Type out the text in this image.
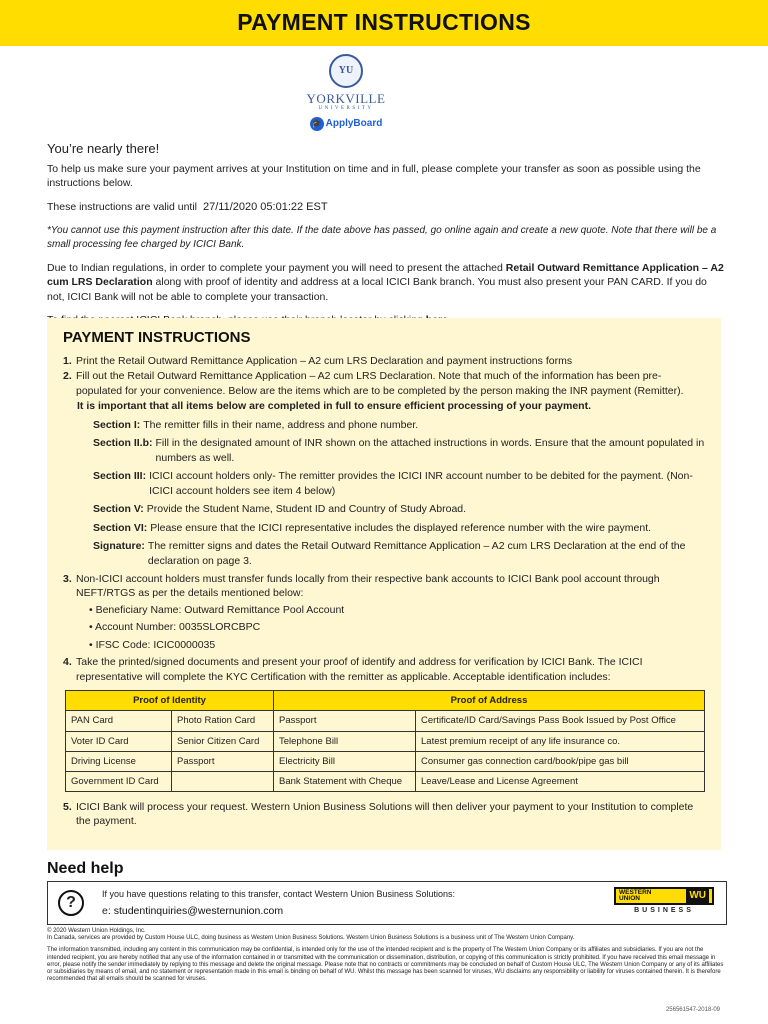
PAYMENT INSTRUCTIONS
YU
YORKVILLE
UNIVERSITY
🎓 ApplyBoard
You’re nearly there!

To help us make sure your payment arrives at your Institution on time and in full, please complete your transfer as soon as possible using the instructions below.

These instructions are valid until 27/11/2020 05:01:22 EST

*You cannot use this payment instruction after this date. If the date above has passed, go online again and create a new quote. Note that there will be a small processing fee charged by ICICI Bank.

Due to Indian regulations, in order to complete your payment you will need to present the attached Retail Outward Remittance Application – A2 cum LRS Declaration along with proof of identity and address at a local ICICI Bank branch. You must also present your PAN CARD. If you do not, ICICI Bank will not be able to complete your transaction.

PAYMENT INSTRUCTIONS
1. Print the Retail Outward Remittance Application – A2 cum LRS Declaration and payment instructions forms
2. Fill out the Retail Outward Remittance Application – A2 cum LRS Declaration. Note that much of the information has been pre-populated for your convenience. Below are the items which are to be completed by the person making the INR payment (Remitter).
It is important that all items below are completed in full to ensure efficient processing of your payment.
Section I: The remitter fills in their name, address and phone number.
Section II.b: Fill in the designated amount of INR shown on the attached instructions in words. Ensure that the amount populated in numbers as well.
Section III: ICICI account holders only- The remitter provides the ICICI INR account number to be debited for the payment. (Non-ICICI account holders see item 4 below)
Section V: Provide the Student Name, Student ID and Country of Study Abroad.
Section VI: Please ensure that the ICICI representative includes the displayed reference number with the wire payment.
Signature: The remitter signs and dates the Retail Outward Remittance Application – A2 cum LRS Declaration at the end of the declaration on page 3.
3. Non-ICICI account holders must transfer funds locally from their respective bank accounts to ICICI Bank pool account through NEFT/RTGS as per the details mentioned below:
• Beneficiary Name: Outward Remittance Pool Account
• Account Number: 0035SLORCBPC
• IFSC Code: ICIC0000035
4. Take the printed/signed documents and present your proof of identify and address for verification by ICICI Bank. The ICICI representative will complete the KYC Certification with the remitter as applicable. Acceptable identification includes:
Proof of Identity		Proof of Address	
PAN Card	Photo Ration Card	Passport	Certificate/ID Card/Savings Pass Book Issued by Post Office
Voter ID Card	Senior Citizen Card	Telephone Bill	Latest premium receipt of any life insurance co.
Driving License	Passport	Electricity Bill	Consumer gas connection card/book/pipe gas bill
Government ID Card		Bank Statement with Cheque	Leave/Lease and License Agreement
5. ICICI Bank will process your request. Western Union Business Solutions will then deliver your payment to your Institution to complete the payment.
Need help
?
If you have questions relating to this transfer, contact Western Union Business Solutions:
e: studentinquiries@westernunion.com
WESTERN
UNION	WU
BUSINESS

© 2020 Western Union Holdings, Inc.
In Canada, services are provided by Custom House ULC, doing business as Western Union Business Solutions. Western Union Business Solutions is a business unit of The Western Union Company.

The information transmitted, including any content in this communication may be confidential, is intended only for the use of the intended recipient and is the property of The Western Union Company or its affiliates and subsidiaries. If you are not the intended recipient, you are hereby notified that any use of the information contained in or transmitted with the communication or dissemination, distribution, or copying of this communication is strictly prohibited. If you have received this email message in error, please notify the sender immediately by replying to this message and delete the original message. Please note that no contracts or commitments may be concluded on behalf of Custom House ULC, The Western Union Company or any of its affiliates or subsidiaries by means of email, and no statement or representation made in this email is binding on behalf of WU. Whilst this message has been scanned for viruses, WU disclaims any responsibility or liability for viruses contained therein. It is therefore recommended that all emails should be scanned for viruses.

256561547-2018-09
